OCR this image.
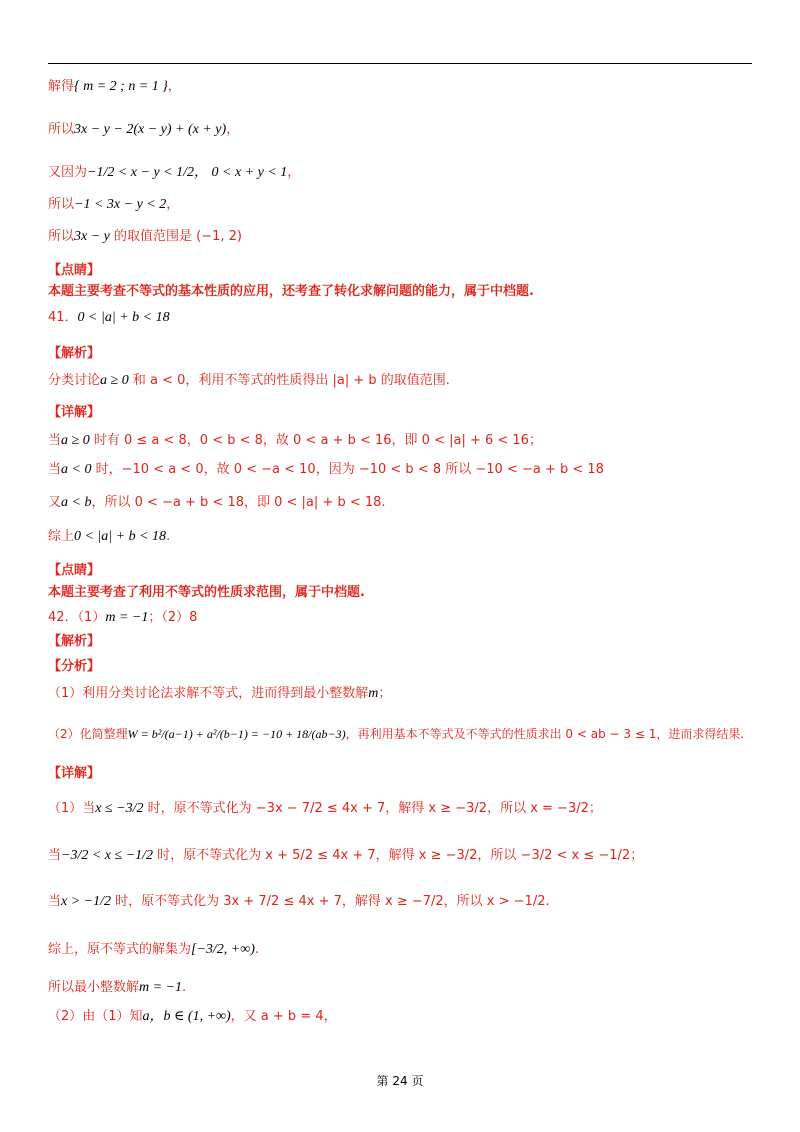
解得{ m = 2 ; n = 1 }，
所以3x − y − 2(x − y) + (x + y)，
又因为−1/2 < x − y < 1/2， 0 < x + y < 1，
所以−1 < 3x − y < 2，
所以3x − y 的取值范围是 (−1, 2)
【点睛】
本题主要考查不等式的基本性质的应用，还考查了转化求解问题的能力，属于中档题.
41．0 < |a| + b < 18
【解析】
分类讨论a ≥ 0 和 a < 0，利用不等式的性质得出 |a| + b 的取值范围.
【详解】
当a ≥ 0 时有 0 ≤ a < 8，0 < b < 8，故 0 < a + b < 16，即 0 < |a| + 6 < 16；
当a < 0 时，−10 < a < 0，故 0 < −a < 10，因为 −10 < b < 8 所以 −10 < −a + b < 18
又a < b，所以 0 < −a + b < 18，即 0 < |a| + b < 18.
综上0 < |a| + b < 18.
【点睛】
本题主要考查了利用不等式的性质求范围，属于中档题.
42．（1）m = −1；（2）8
【解析】
【分析】
（1）利用分类讨论法求解不等式，进而得到最小整数解m；
（2）化简整理W = b²/(a−1) + a²/(b−1) = −10 + 18/(ab−3)，再利用基本不等式及不等式的性质求出 0 < ab − 3 ≤ 1，进而求得结果.
【详解】
（1）当x ≤ −3/2 时，原不等式化为 −3x − 7/2 ≤ 4x + 7，解得 x ≥ −3/2，所以 x = −3/2；
当−3/2 < x ≤ −1/2 时，原不等式化为 x + 5/2 ≤ 4x + 7，解得 x ≥ −3/2，所以 −3/2 < x ≤ −1/2；
当x > −1/2 时，原不等式化为 3x + 7/2 ≤ 4x + 7，解得 x ≥ −7/2，所以 x > −1/2.
综上，原不等式的解集为[−3/2, +∞).
所以最小整数解m = −1.
（2）由（1）知a，b ∈ (1, +∞)，又 a + b = 4，
第 24 页
